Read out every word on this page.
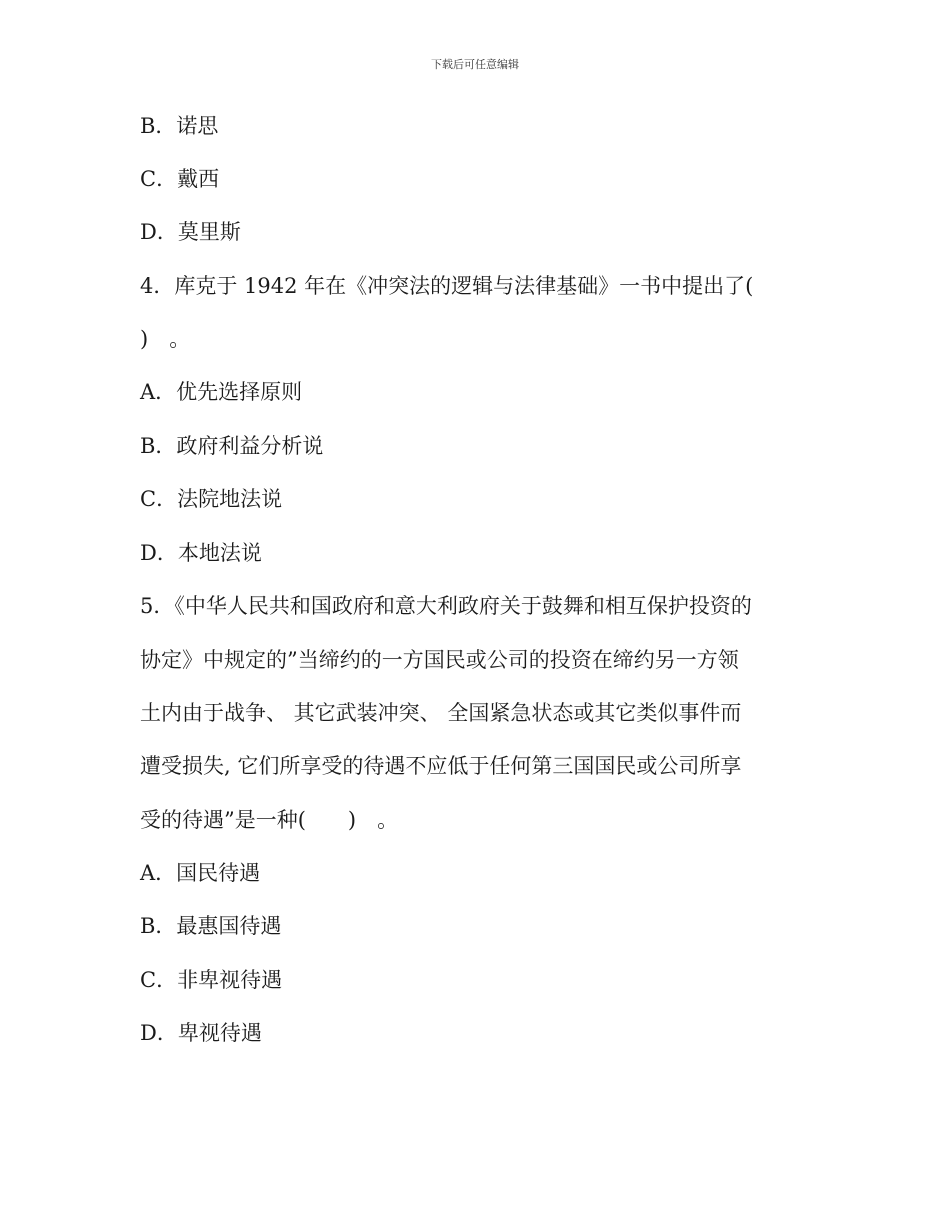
下载后可任意编辑
B．诺思
C．戴西
D．莫里斯
4．库克于 1942 年在《冲突法的逻辑与法律基础》一书中提出了(
)　。
A．优先选择原则
B．政府利益分析说
C．法院地法说
D．本地法说
5．《中华人民共和国政府和意大利政府关于鼓舞和相互保护投资的
协定》中规定的”当缔约的一方国民或公司的投资在缔约另一方领
土内由于战争、 其它武装冲突、 全国紧急状态或其它类似事件而
遭受损失, 它们所享受的待遇不应低于任何第三国国民或公司所享
受的待遇”是一种(　　)　。
A．国民待遇
B．最惠国待遇
C．非卑视待遇
D．卑视待遇
